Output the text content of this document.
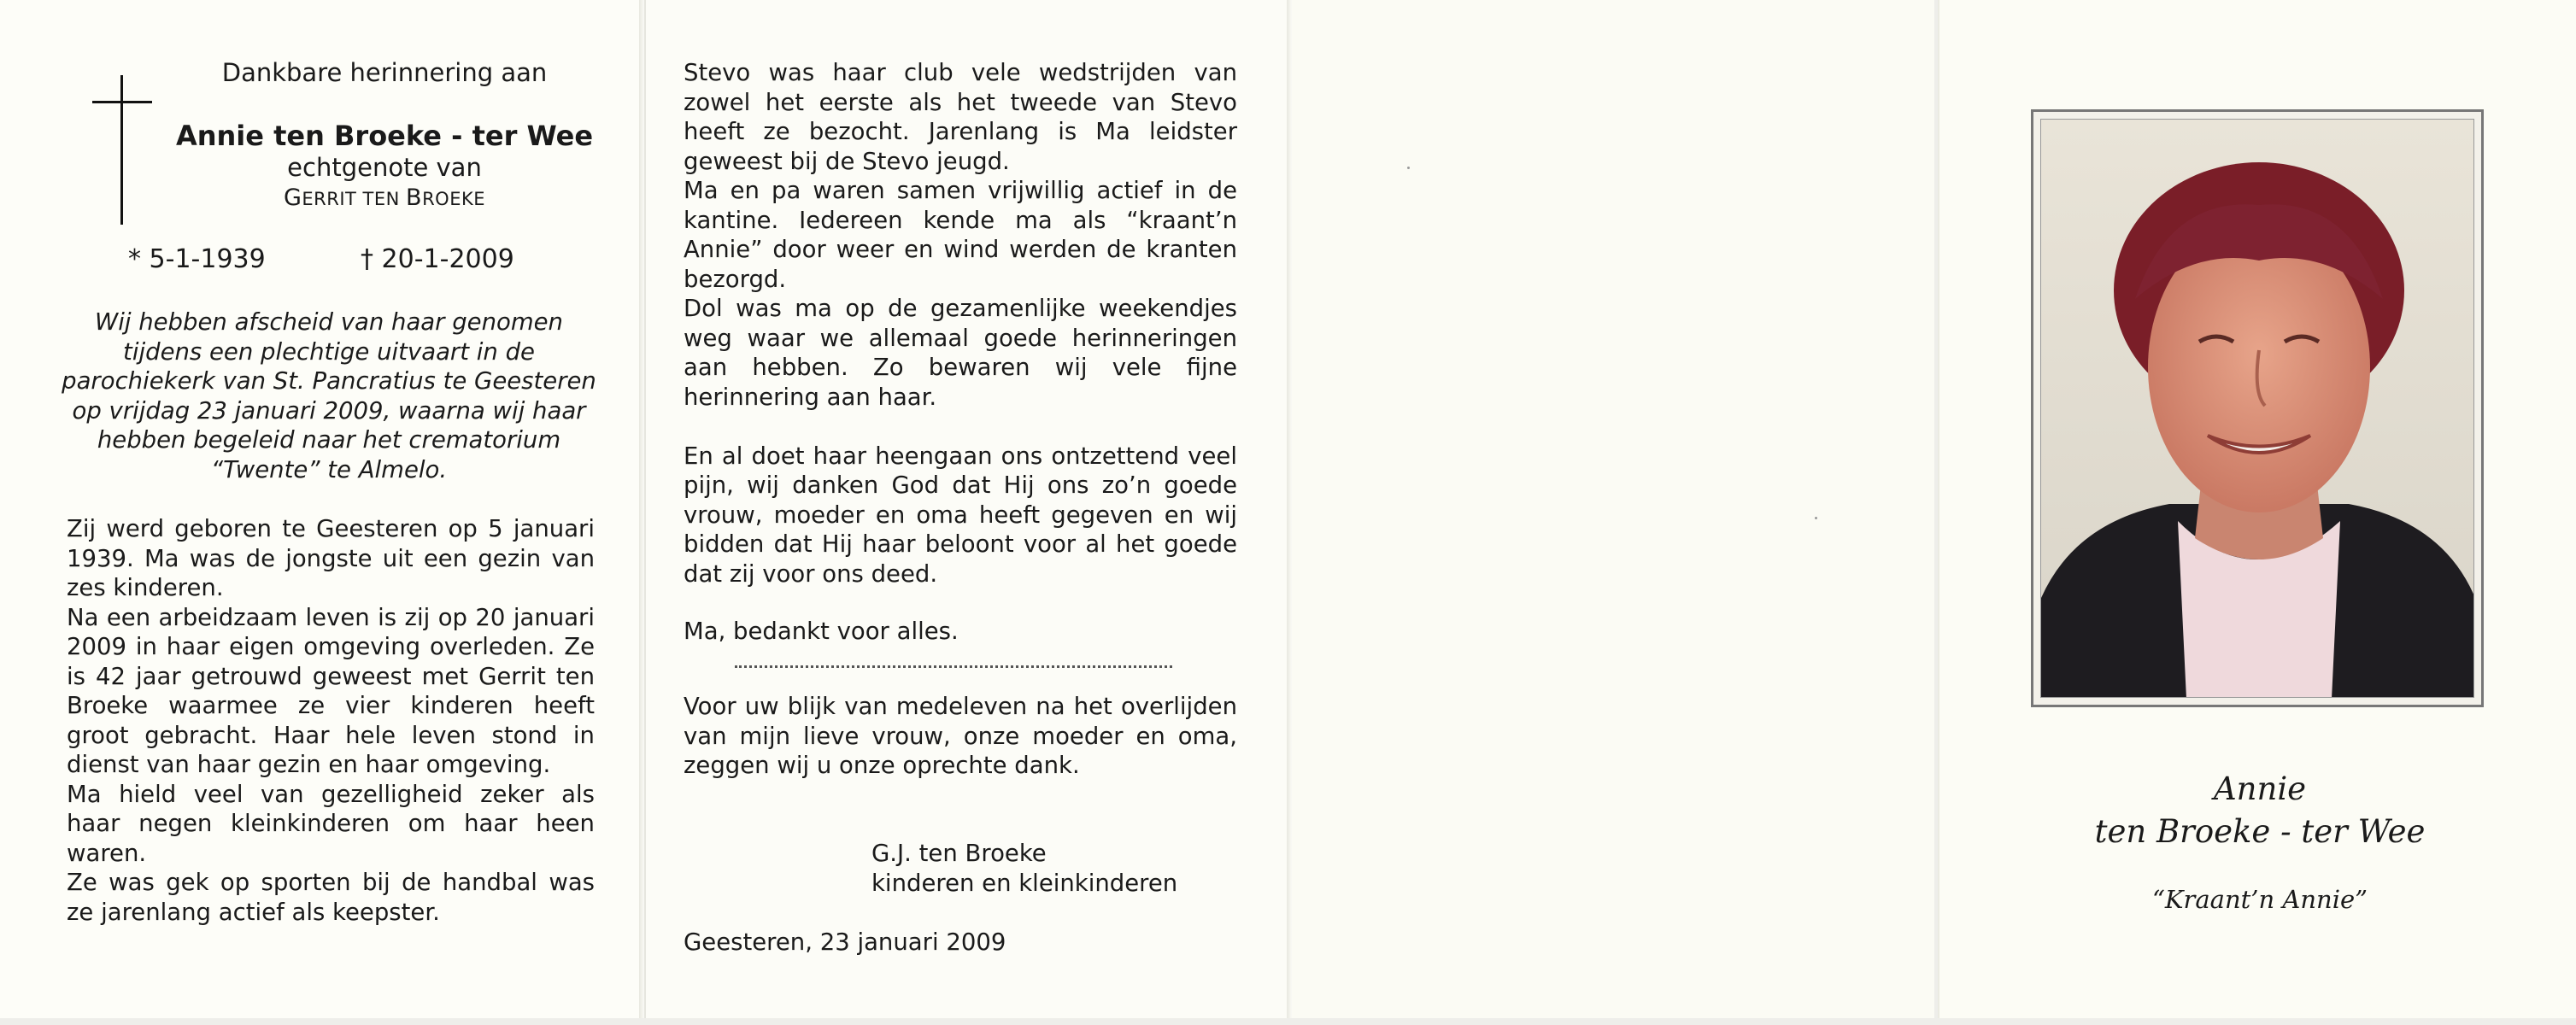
Dankbare herinnering aan
Annie ten Broeke - ter Wee
echtgenote van
GERRIT TEN BROEKE
* 5-1-1939	† 20-1-2009
Wij hebben afscheid van haar genomen tijdens een plechtige uitvaart in de parochiekerk van St. Pancratius te Geesteren op vrijdag 23 januari 2009, waarna wij haar hebben begeleid naar het crematorium “Twente” te Almelo.

Zij werd geboren te Geesteren op 5 januari 1939. Ma was de jongste uit een gezin van zes kinderen.

Na een arbeidzaam leven is zij op 20 januari 2009 in haar eigen omgeving overleden. Ze is 42 jaar getrouwd geweest met Gerrit ten Broeke waarmee ze vier kinderen heeft groot gebracht. Haar hele leven stond in dienst van haar gezin en haar omgeving.

Ma hield veel van gezelligheid zeker als haar negen kleinkinderen om haar heen waren.

Ze was gek op sporten bij de handbal was ze jarenlang actief als keepster.

Stevo was haar club vele wedstrijden van zowel het eerste als het tweede van Stevo heeft ze bezocht. Jarenlang is Ma leidster geweest bij de Stevo jeugd.

Ma en pa waren samen vrijwillig actief in de kantine. Iedereen kende ma als “kraant’n Annie” door weer en wind werden de kranten bezorgd.

Dol was ma op de gezamenlijke weekendjes weg waar we allemaal goede herinneringen aan hebben. Zo bewaren wij vele fijne herinnering aan haar.

En al doet haar heengaan ons ontzettend veel pijn, wij danken God dat Hij ons zo’n goede vrouw, moeder en oma heeft gegeven en wij bidden dat Hij haar beloont voor al het goede dat zij voor ons deed.

Ma, bedankt voor alles.
Voor uw blijk van medeleven na het overlijden van mijn lieve vrouw, onze moeder en oma, zeggen wij u onze oprechte dank.
G.J. ten Broeke
kinderen en kleinkinderen
Geesteren, 23 januari 2009
Annie
ten Broeke - ter Wee
“Kraant’n Annie”
